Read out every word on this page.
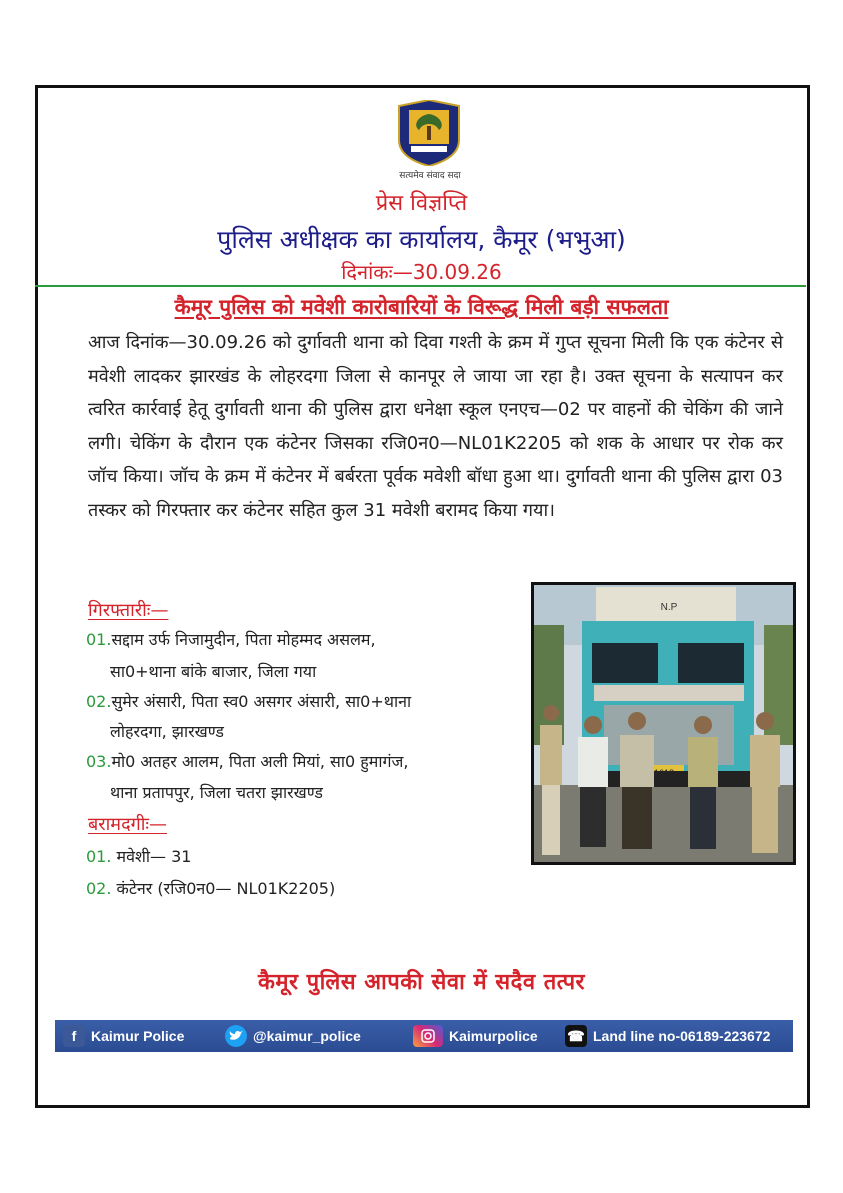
सत्यमेव संवाद सदा
प्रेस विज्ञप्ति
पुलिस अधीक्षक का कार्यालय, कैमूर (भभुआ)
दिनांकः—30.09.26
कैमूर पुलिस को मवेशी कारोबारियों के विरूद्ध मिली बड़ी सफलता

आज दिनांक—30.09.26 को दुर्गावती थाना को दिवा गश्ती के क्रम में गुप्त सूचना मिली कि एक कंटेनर से मवेशी लादकर झारखंड के लोहरदगा जिला से कानपूर ले जाया जा रहा है। उक्त सूचना के सत्यापन कर त्वरित कार्रवाई हेतू दुर्गावती थाना की पुलिस द्वारा धनेक्षा स्कूल एनएच—02 पर वाहनों की चेकिंग की जाने लगी। चेकिंग के दौरान एक कंटेनर जिसका रजि0न0—NL01K2205 को शक के आधार पर रोक कर जॉच किया। जॉच के क्रम में कंटेनर में बर्बरता पूर्वक मवेशी बॉधा हुआ था। दुर्गावती थाना की पुलिस द्वारा 03 तस्कर को गिरफ्तार कर कंटेनर सहित कुल 31 मवेशी बरामद किया गया।

गिरफ्तारीः—
01.सद्दाम उर्फ निजामुदीन, पिता मोहम्मद असलम,
सा0+थाना बांके बाजार, जिला गया
02.सुमेर अंसारी, पिता स्व0 असगर अंसारी, सा0+थाना
लोहरदगा, झारखण्ड
03.मो0 अतहर आलम, पिता अली मियां, सा0 हुमागंज,
थाना प्रतापपुर, जिला चतरा झारखण्ड
बरामदगीः—
01. मवेशी— 31
02. कंटेनर (रजि0न0— NL01K2205)
N.P
कैमूर पुलिस आपकी सेवा में सदैव तत्पर
f	Kaimur Police	@kaimur_police	Kaimurpolice ☎ Land line no-06189-223672
